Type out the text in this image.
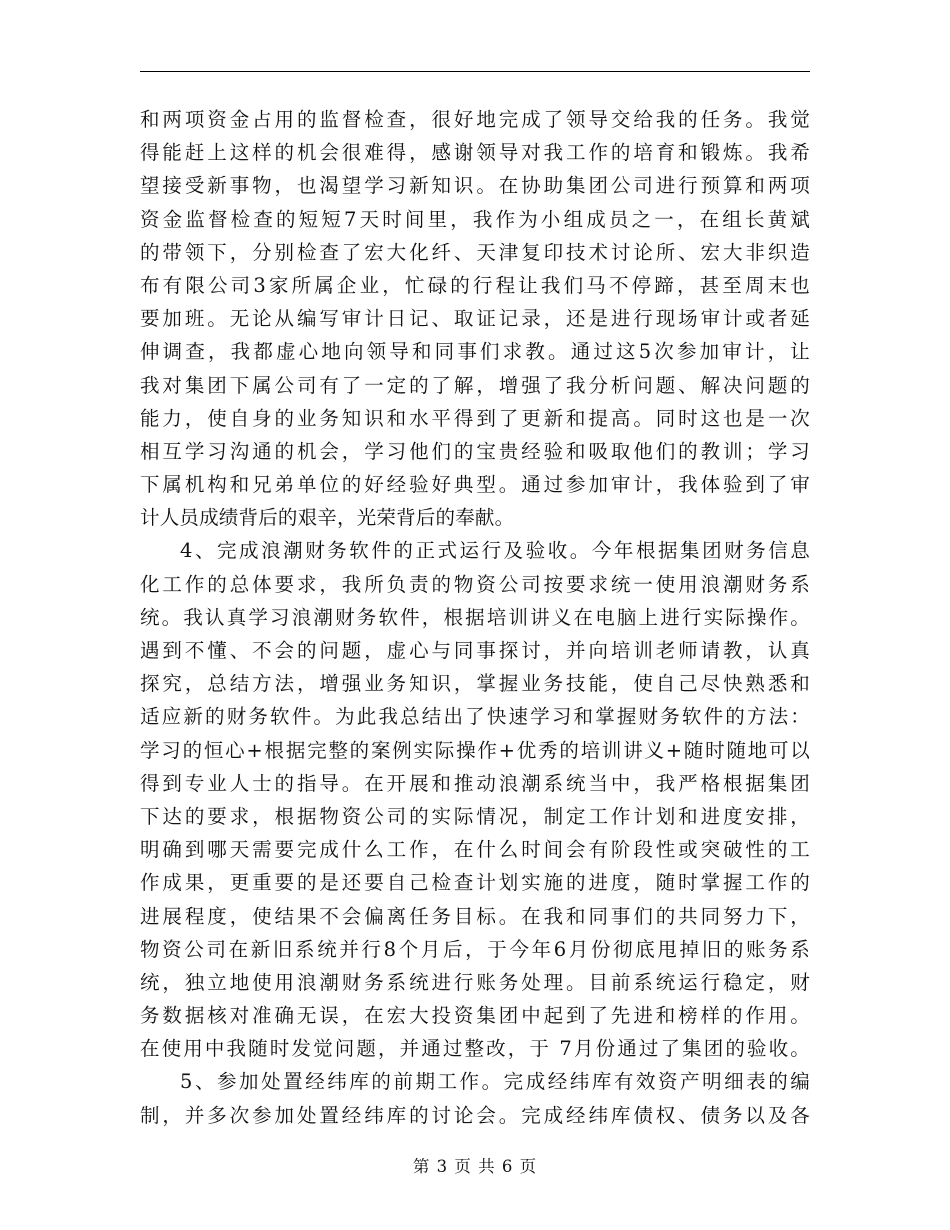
和两项资金占用的监督检查，很好地完成了领导交给我的任务。我觉
得能赶上这样的机会很难得，感谢领导对我工作的培育和锻炼。我希
望接受新事物，也渴望学习新知识。在协助集团公司进行预算和两项
资金监督检查的短短7天时间里，我作为小组成员之一，在组长黄斌
的带领下，分别检查了宏大化纤、天津复印技术讨论所、宏大非织造
布有限公司3家所属企业，忙碌的行程让我们马不停蹄，甚至周末也
要加班。无论从编写审计日记、取证记录，还是进行现场审计或者延
伸调查，我都虚心地向领导和同事们求教。通过这5次参加审计，让
我对集团下属公司有了一定的了解，增强了我分析问题、解决问题的
能力，使自身的业务知识和水平得到了更新和提高。同时这也是一次
相互学习沟通的机会，学习他们的宝贵经验和吸取他们的教训；学习
下属机构和兄弟单位的好经验好典型。通过参加审计，我体验到了审
计人员成绩背后的艰辛，光荣背后的奉献。
4、完成浪潮财务软件的正式运行及验收。今年根据集团财务信息
化工作的总体要求，我所负责的物资公司按要求统一使用浪潮财务系
统。我认真学习浪潮财务软件，根据培训讲义在电脑上进行实际操作。
遇到不懂、不会的问题，虚心与同事探讨，并向培训老师请教，认真
探究，总结方法，增强业务知识，掌握业务技能，使自己尽快熟悉和
适应新的财务软件。为此我总结出了快速学习和掌握财务软件的方法：
学习的恒心+根据完整的案例实际操作+优秀的培训讲义+随时随地可以
得到专业人士的指导。在开展和推动浪潮系统当中，我严格根据集团
下达的要求，根据物资公司的实际情况，制定工作计划和进度安排，
明确到哪天需要完成什么工作，在什么时间会有阶段性或突破性的工
作成果，更重要的是还要自己检查计划实施的进度，随时掌握工作的
进展程度，使结果不会偏离任务目标。在我和同事们的共同努力下，
物资公司在新旧系统并行8个月后，于今年6月份彻底甩掉旧的账务系
统，独立地使用浪潮财务系统进行账务处理。目前系统运行稳定，财
务数据核对准确无误，在宏大投资集团中起到了先进和榜样的作用。
在使用中我随时发觉问题，并通过整改，于 7月份通过了集团的验收。
5、参加处置经纬库的前期工作。完成经纬库有效资产明细表的编
制，并多次参加处置经纬库的讨论会。完成经纬库债权、债务以及各
第 3 页 共 6 页
